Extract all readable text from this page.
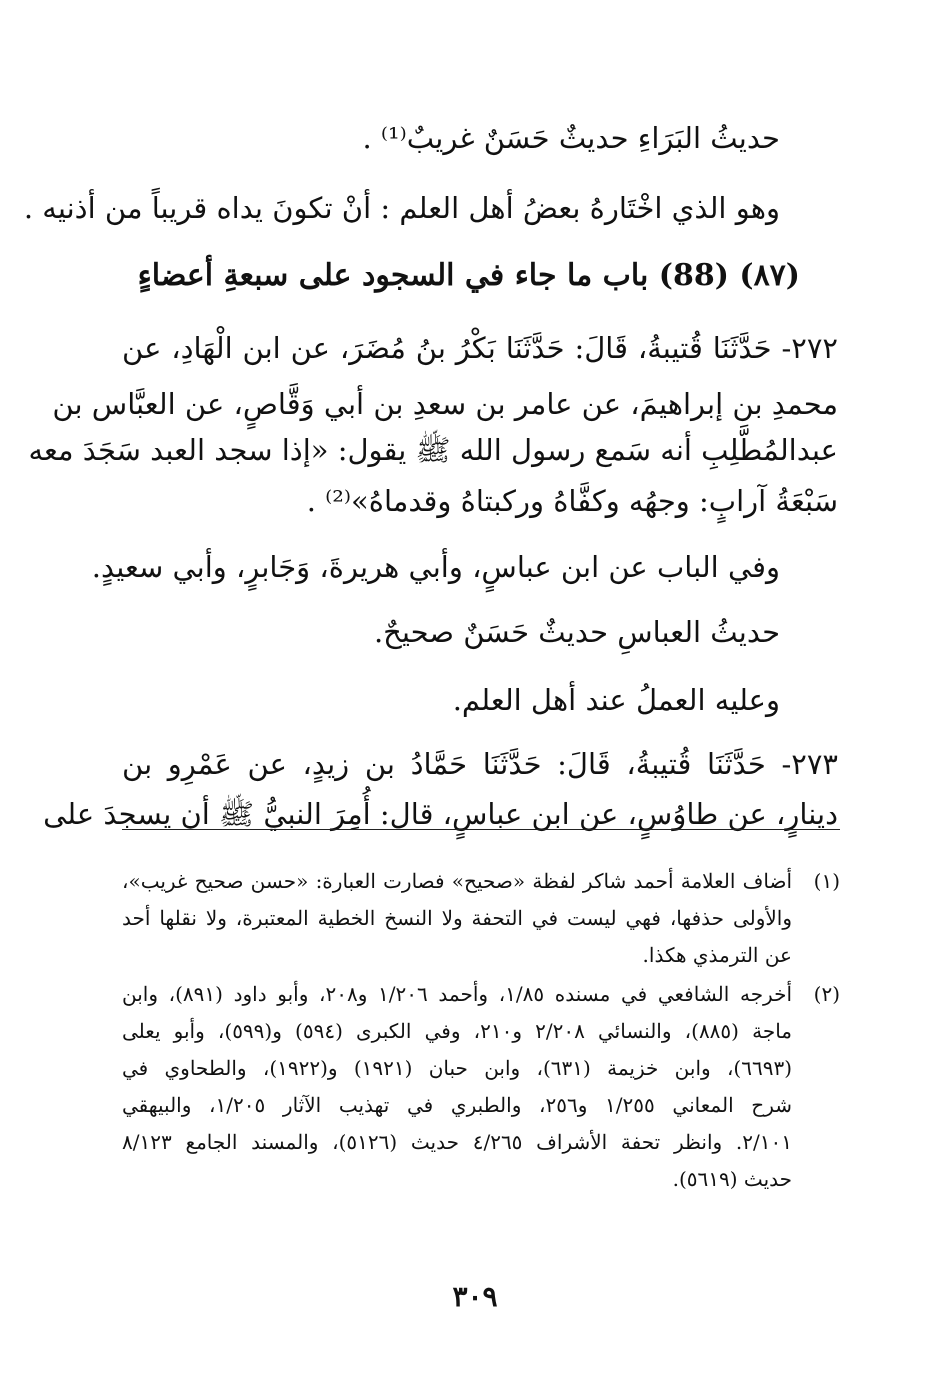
حديثُ البَرَاءِ حديثٌ حَسَنٌ غريبٌ⁽¹⁾ .
وهو الذي اخْتَارهُ بعضُ أهل العلم : أنْ تكونَ يداه قريباً من أذنيه .
(٨٧) (88) باب ما جاء في السجود على سبعةِ أعضاءٍ
٢٧٢- حَدَّثَنَا قُتيبةُ، قَالَ: حَدَّثَنَا بَكْرُ بنُ مُضَرَ، عن ابن الْهَادِ، عن
محمدِ بن إبراهيمَ، عن عامر بن سعدِ بن أبي وَقَّاصٍ، عن العبَّاس بن
عبدالمُطَّلِبِ أنه سَمع رسول الله ﷺ يقول: «إذا سجد العبد سَجَدَ معه
سَبْعَةُ آرابٍ: وجهُه وكفَّاهُ وركبتاهُ وقدماهُ»⁽²⁾ .
وفي الباب عن ابن عباسٍ، وأبي هريرةَ، وَجَابرٍ، وأبي سعيدٍ.
حديثُ العباسِ حديثٌ حَسَنٌ صحيحٌ.
وعليه العملُ عند أهل العلم.
٢٧٣- حَدَّثَنَا قُتيبةُ، قَالَ: حَدَّثَنَا حَمَّادُ بن زيدٍ، عن عَمْرِو بن
دينارٍ، عن طاوُسٍ، عن ابن عباسٍ، قال: أُمِرَ النبيُّ ﷺ أن يسجدَ على
(١)
أضاف العلامة أحمد شاكر لفظة «صحيح» فصارت العبارة: «حسن صحيح غريب»،
والأولى حذفها، فهي ليست في التحفة ولا النسخ الخطية المعتبرة، ولا نقلها أحد
عن الترمذي هكذا.
(٢)
أخرجه الشافعي في مسنده ١/٨٥، وأحمد ١/٢٠٦ و٢٠٨، وأبو داود (٨٩١)، وابن
ماجة (٨٨٥)، والنسائي ٢/٢٠٨ و٢١٠، وفي الكبرى (٥٩٤) و(٥٩٩)، وأبو يعلى
(٦٦٩٣)، وابن خزيمة (٦٣١)، وابن حبان (١٩٢١) و(١٩٢٢)، والطحاوي في
شرح المعاني ١/٢٥٥ و٢٥٦، والطبري في تهذيب الآثار ١/٢٠٥، والبيهقي
٢/١٠١. وانظر تحفة الأشراف ٤/٢٦٥ حديث (٥١٢٦)، والمسند الجامع ٨/١٢٣
حديث (٥٦١٩).
٣٠٩
